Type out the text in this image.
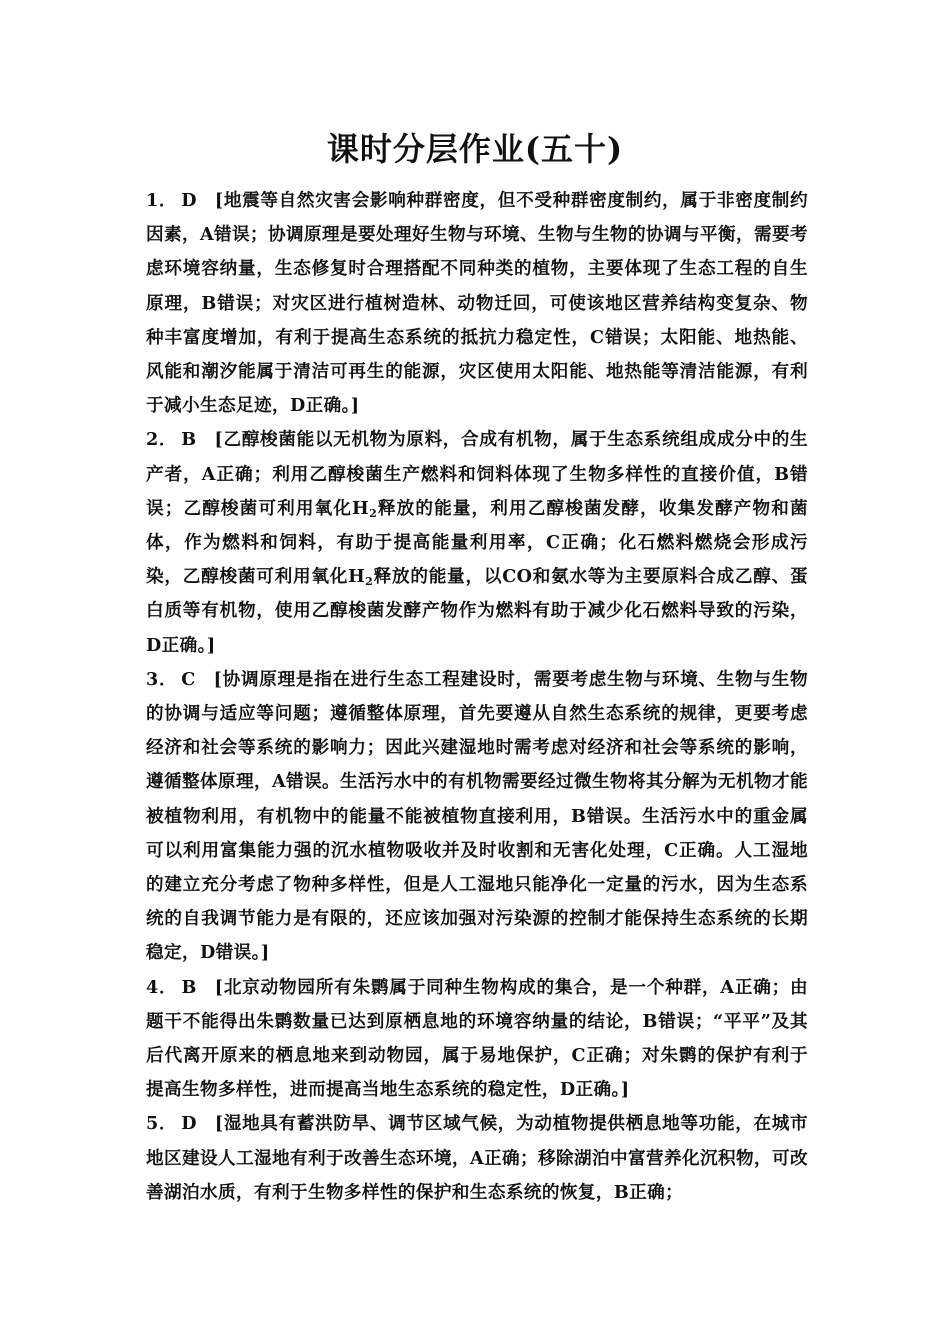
课时分层作业(五十)

1． D [地震等自然灾害会影响种群密度，但不受种群密度制约，属于非密度制约因素，A错误；协调原理是要处理好生物与环境、生物与生物的协调与平衡，需要考虑环境容纳量，生态修复时合理搭配不同种类的植物，主要体现了生态工程的自生原理，B错误；对灾区进行植树造林、动物迁回，可使该地区营养结构变复杂、物种丰富度增加，有利于提高生态系统的抵抗力稳定性，C错误；太阳能、地热能、风能和潮汐能属于清洁可再生的能源，灾区使用太阳能、地热能等清洁能源，有利于减小生态足迹，D正确。]

2． B [乙醇梭菌能以无机物为原料，合成有机物，属于生态系统组成成分中的生产者，A正确；利用乙醇梭菌生产燃料和饲料体现了生物多样性的直接价值，B错误；乙醇梭菌可利用氧化$H_2$释放的能量，利用乙醇梭菌发酵，收集发酵产物和菌体，作为燃料和饲料，有助于提高能量利用率，C正确；化石燃料燃烧会形成污染，乙醇梭菌可利用氧化$H_2$释放的能量，以CO和氨水等为主要原料合成乙醇、蛋白质等有机物，使用乙醇梭菌发酵产物作为燃料有助于减少化石燃料导致的污染，D正确。]

3． C [协调原理是指在进行生态工程建设时，需要考虑生物与环境、生物与生物的协调与适应等问题；遵循整体原理，首先要遵从自然生态系统的规律，更要考虑经济和社会等系统的影响力；因此兴建湿地时需考虑对经济和社会等系统的影响，遵循整体原理，A错误。生活污水中的有机物需要经过微生物将其分解为无机物才能被植物利用，有机物中的能量不能被植物直接利用，B错误。生活污水中的重金属可以利用富集能力强的沉水植物吸收并及时收割和无害化处理，C正确。人工湿地的建立充分考虑了物种多样性，但是人工湿地只能净化一定量的污水，因为生态系统的自我调节能力是有限的，还应该加强对污染源的控制才能保持生态系统的长期稳定，D错误。]

4． B [北京动物园所有朱鹮属于同种生物构成的集合，是一个种群，A正确；由题干不能得出朱鹮数量已达到原栖息地的环境容纳量的结论，B错误；“平平”及其后代离开原来的栖息地来到动物园，属于易地保护，C正确；对朱鹮的保护有利于提高生物多样性，进而提高当地生态系统的稳定性，D正确。]

5． D [湿地具有蓄洪防旱、调节区域气候，为动植物提供栖息地等功能，在城市地区建设人工湿地有利于改善生态环境，A正确；移除湖泊中富营养化沉积物，可改善湖泊水质，有利于生物多样性的保护和生态系统的恢复，B正确；
